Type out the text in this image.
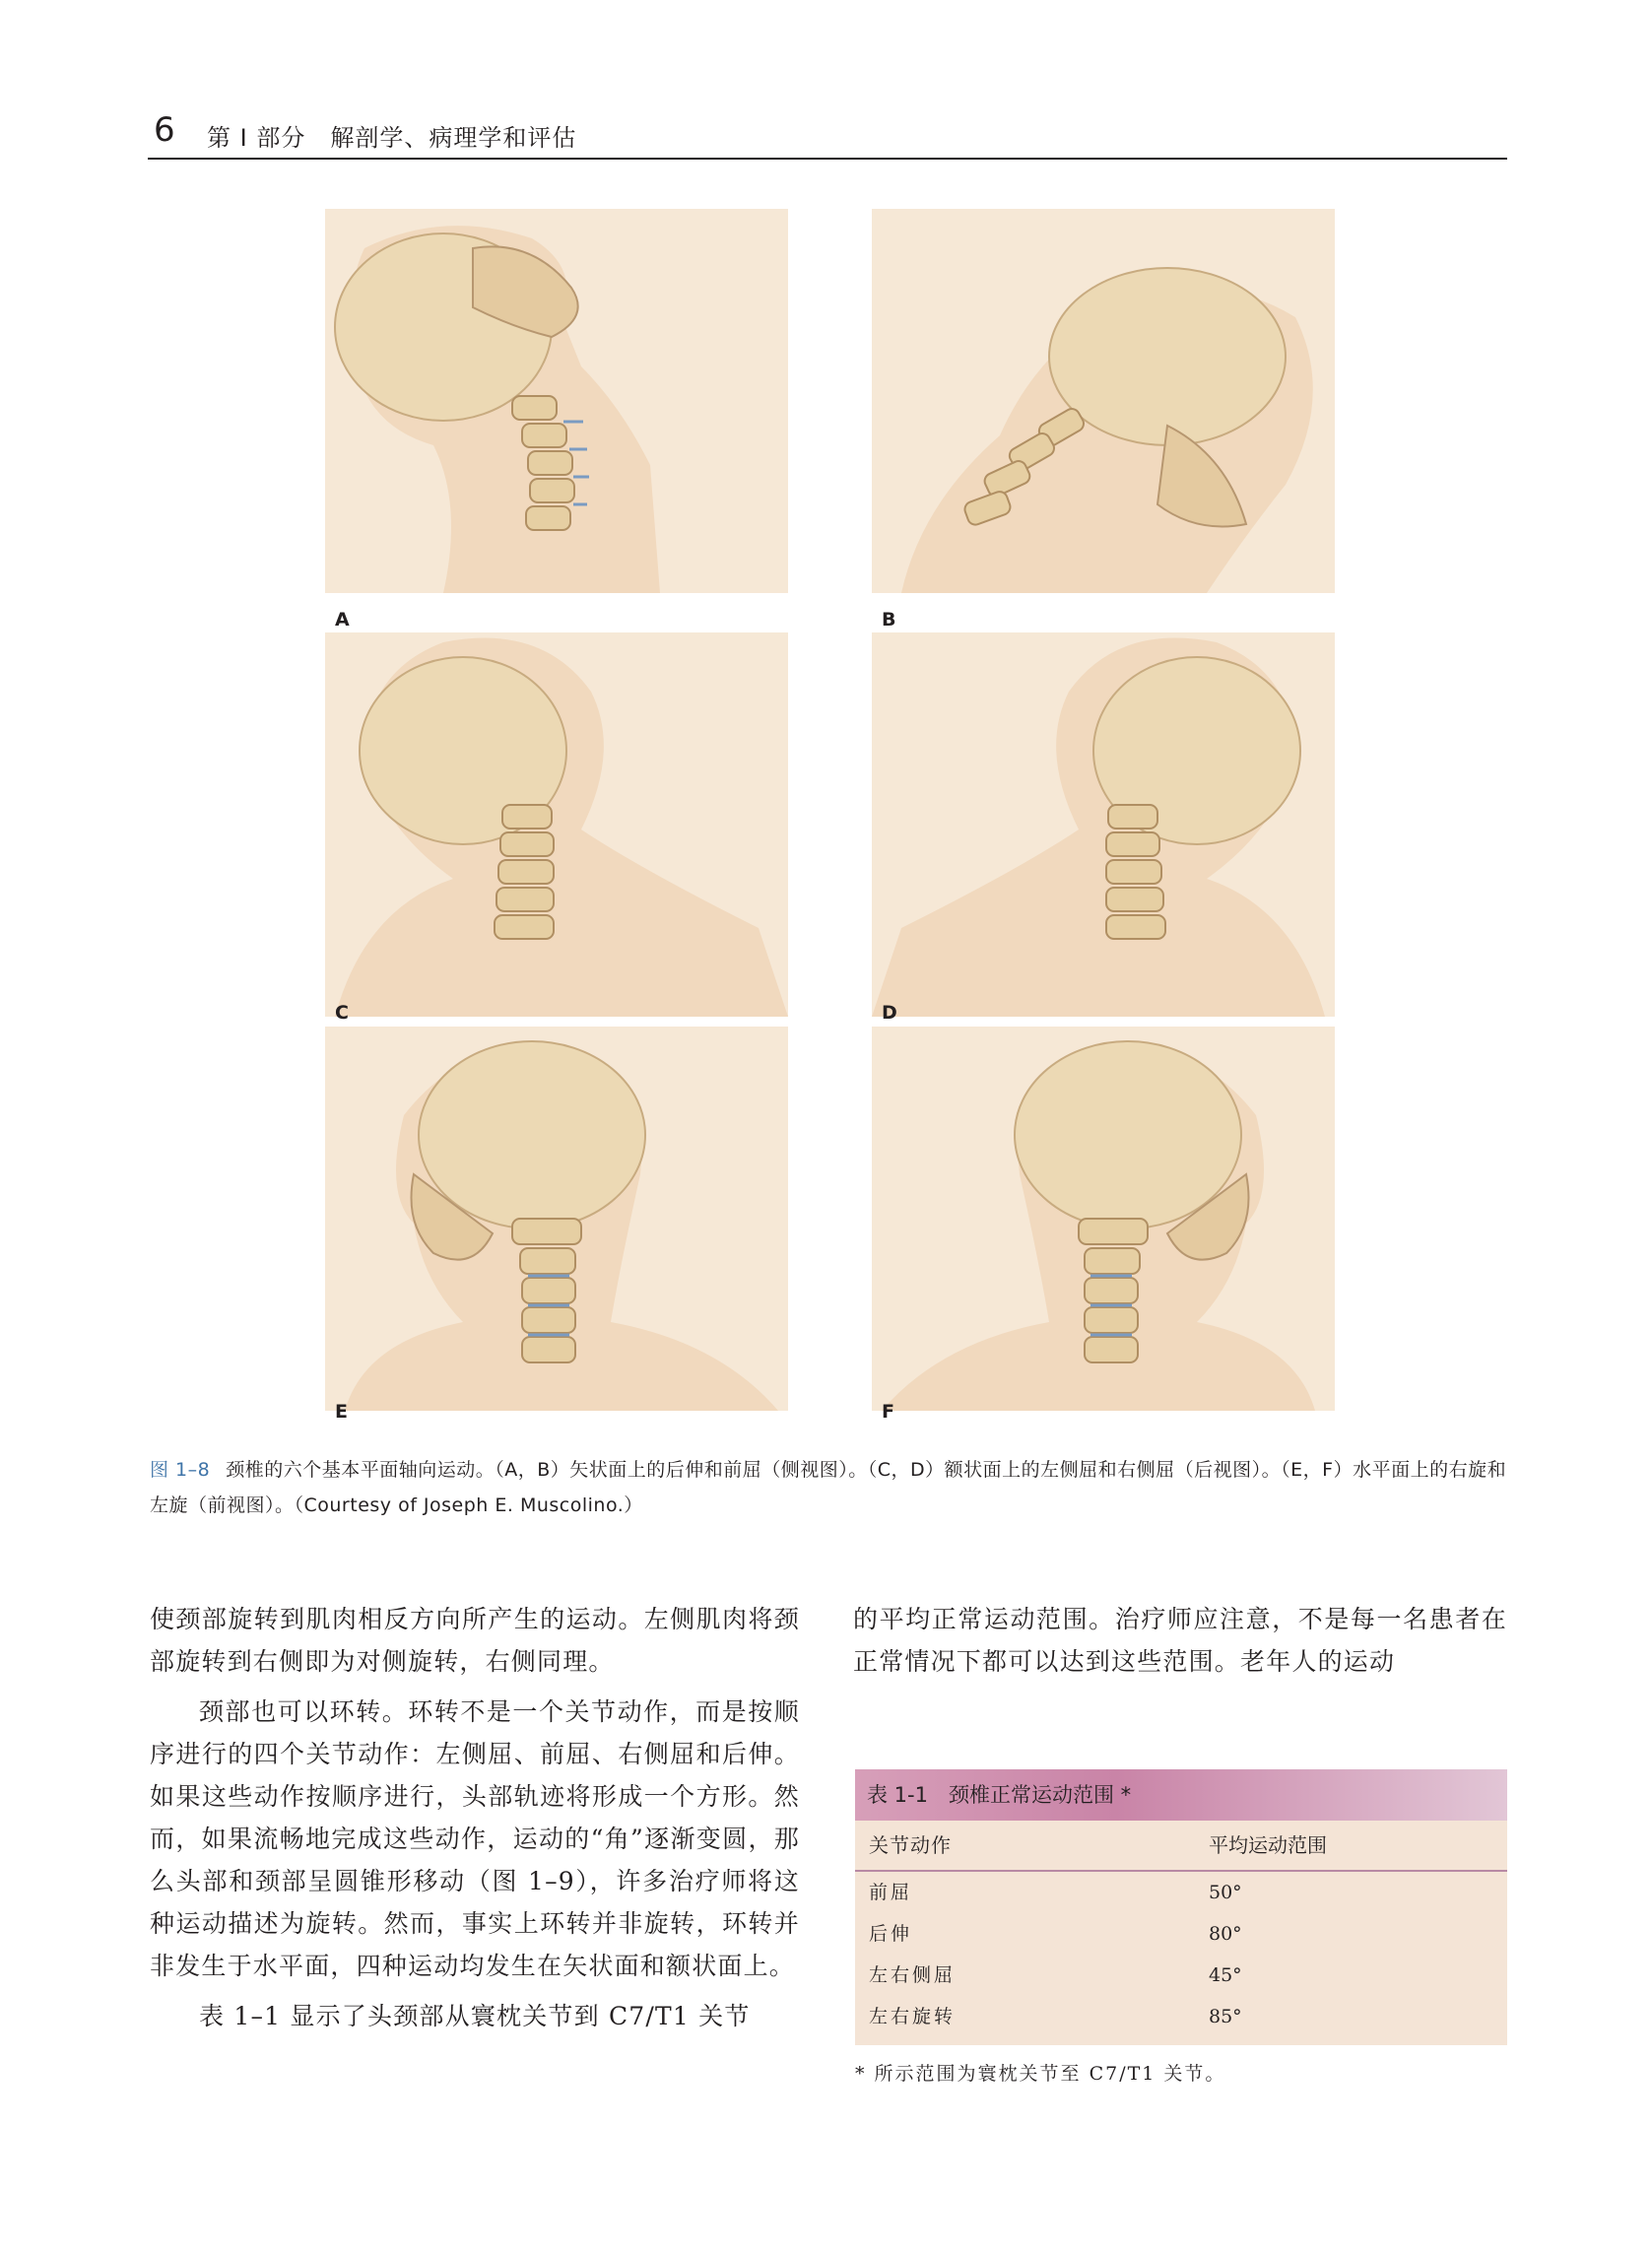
6 第 I 部分　解剖学、病理学和评估
A	B
C	D
E	F
图 1–8 颈椎的六个基本平面轴向运动。（A，B）矢状面上的后伸和前屈（侧视图）。（C，D）额状面上的左侧屈和右侧屈（后视图）。（E，F）水平面上的右旋和左旋（前视图）。（Courtesy of Joseph E. Muscolino.）

使颈部旋转到肌肉相反方向所产生的运动。左侧肌肉将颈部旋转到右侧即为对侧旋转，右侧同理。

颈部也可以环转。环转不是一个关节动作，而是按顺序进行的四个关节动作：左侧屈、前屈、右侧屈和后伸。如果这些动作按顺序进行，头部轨迹将形成一个方形。然而，如果流畅地完成这些动作，运动的“角”逐渐变圆，那么头部和颈部呈圆锥形移动（图 1–9），许多治疗师将这种运动描述为旋转。然而，事实上环转并非旋转，环转并非发生于水平面，四种运动均发生在矢状面和额状面上。

表 1–1 显示了头颈部从寰枕关节到 C7/T1 关节

的平均正常运动范围。治疗师应注意，不是每一名患者在正常情况下都可以达到这些范围。老年人的运动

表 1-1　颈椎正常运动范围 *
关节动作	平均运动范围
前屈	50°
后伸	80°
左右侧屈	45°
左右旋转	85°
* 所示范围为寰枕关节至 C7/T1 关节。
